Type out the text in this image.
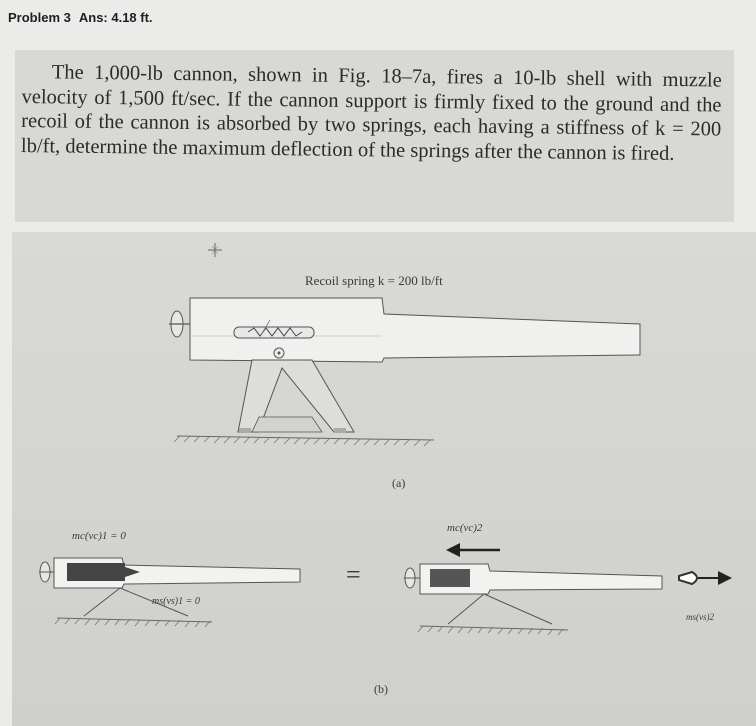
Problem 3 Ans: 4.18 ft.
The 1,000-lb cannon, shown in Fig. 18–7a, fires a 10-lb shell with muzzle velocity of 1,500 ft/sec. If the cannon support is firmly fixed to the ground and the recoil of the cannon is absorbed by two springs, each having a stiffness of k = 200 lb/ft, determine the maximum deflection of the springs after the cannon is fired.
Recoil spring k = 200 lb/ft
(a)
mc(vc)1 = 0
ms(vs)1 = 0
=
mc(vc)2
ms(vs)2
(b)
